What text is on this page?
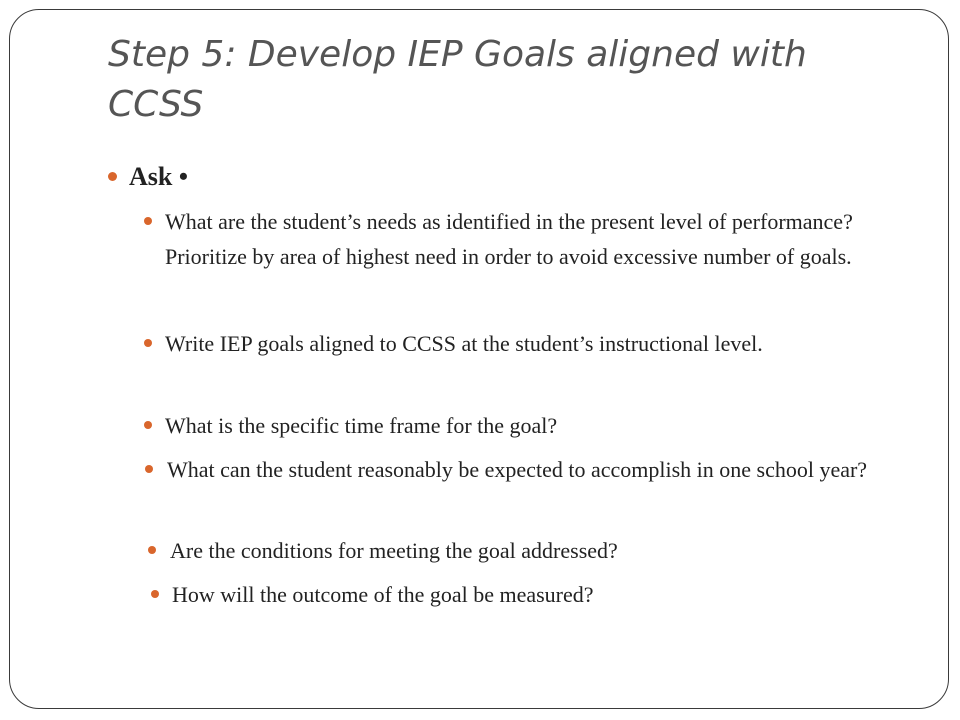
Step 5: Develop IEP Goals aligned with CCSS
Ask •
What are the student’s needs as identified in the present level of performance? Prioritize by area of highest need in order to avoid excessive number of goals.
Write IEP goals aligned to CCSS at the student’s instructional level.
What is the specific time frame for the goal?
What can the student reasonably be expected to accomplish in one school year?
Are the conditions for meeting the goal addressed?
How will the outcome of the goal be measured?
